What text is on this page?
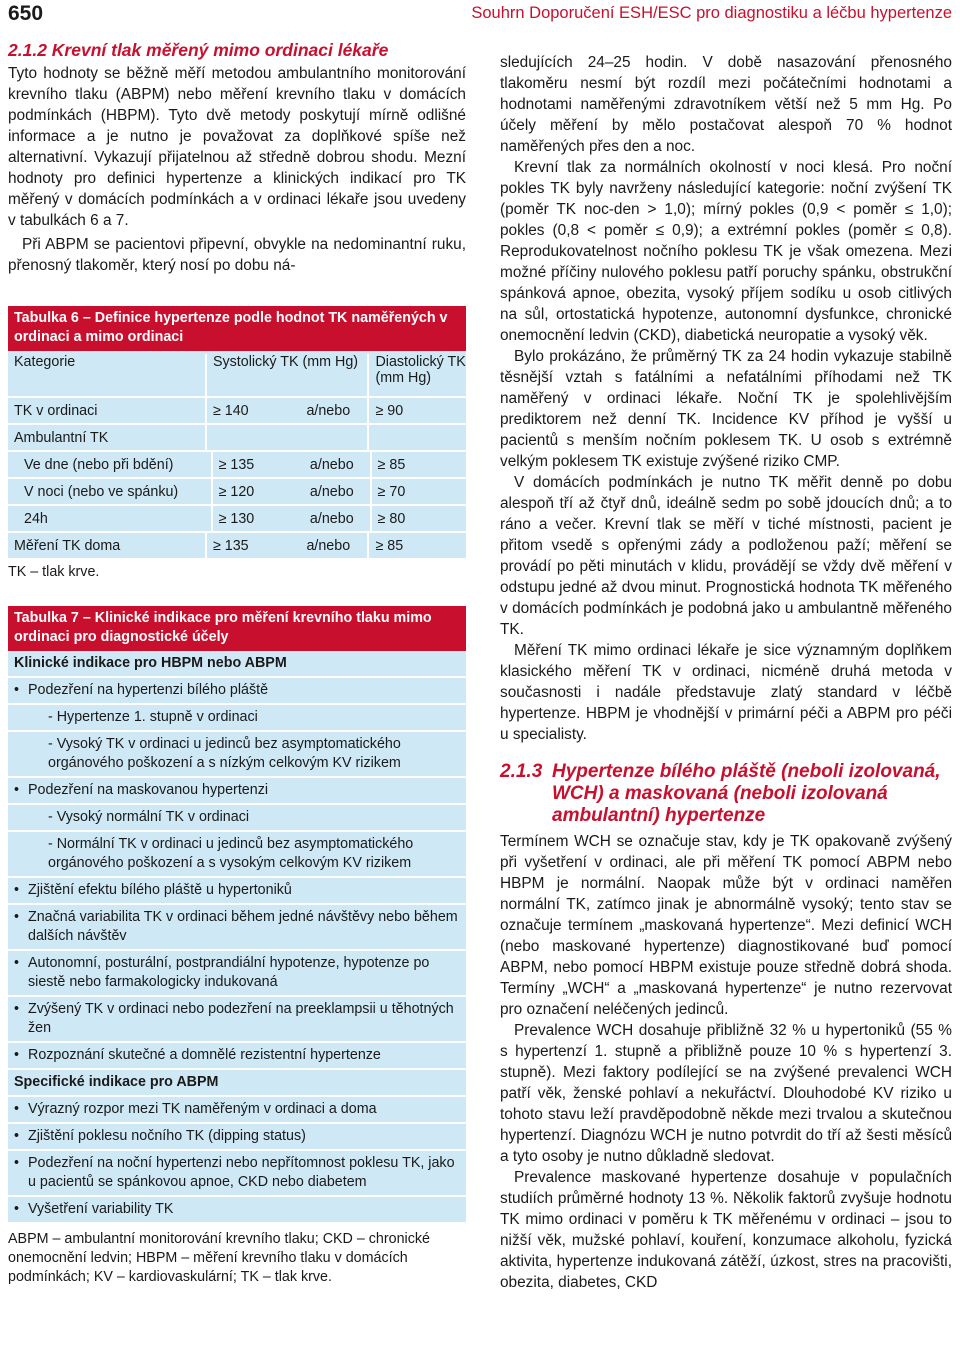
650	Souhrn Doporučení ESH/ESC pro diagnostiku a léčbu hypertenze
2.1.2 Krevní tlak měřený mimo ordinaci lékaře

Tyto hodnoty se běžně měří metodou ambulantního monitorování krevního tlaku (ABPM) nebo měření krevního tlaku v domácích podmínkách (HBPM). Tyto dvě metody poskytují mírně odlišné informace a je nutno je považovat za doplňkové spíše než alternativní. Vykazují přijatelnou až středně dobrou shodu. Mezní hodnoty pro definici hypertenze a klinických indikací pro TK měřený v domácích podmínkách a v ordinaci lékaře jsou uvedeny v tabulkách 6 a 7.

Při ABPM se pacientovi připevní, obvykle na nedominantní ruku, přenosný tlakoměr, který nosí po dobu ná-

Tabulka 6 – Definice hypertenze podle hodnot TK naměřených v ordinaci a mimo ordinaci
Kategorie	Systolický TK (mm Hg)	Diastolický TK (mm Hg)
TK v ordinaci	≥ 140	a/nebo	≥ 90
Ambulantní TK
Ve dne (nebo při bdění)	≥ 135	a/nebo	≥ 85
V noci (nebo ve spánku)	≥ 120	a/nebo	≥ 70
24h	≥ 130	a/nebo	≥ 80
Měření TK doma	≥ 135	a/nebo	≥ 85
TK – tlak krve.
Tabulka 7 – Klinické indikace pro měření krevního tlaku mimo ordinaci pro diagnostické účely
Klinické indikace pro HBPM nebo ABPM
• Podezření na hypertenzi bílého pláště
- Hypertenze 1. stupně v ordinaci
- Vysoký TK v ordinaci u jedinců bez asymptomatického orgánového poškození a s nízkým celkovým KV rizikem
• Podezření na maskovanou hypertenzi
- Vysoký normální TK v ordinaci
- Normální TK v ordinaci u jedinců bez asymptomatického orgánového poškození a s vysokým celkovým KV rizikem
• Zjištění efektu bílého pláště u hypertoniků
• Značná variabilita TK v ordinaci během jedné návštěvy nebo během dalších návštěv
• Autonomní, posturální, postprandiální hypotenze, hypotenze po siestě nebo farmakologicky indukovaná
• Zvýšený TK v ordinaci nebo podezření na preeklampsii u těhotných žen
• Rozpoznání skutečné a domnělé rezistentní hypertenze
Specifické indikace pro ABPM
• Výrazný rozpor mezi TK naměřeným v ordinaci a doma
• Zjištění poklesu nočního TK (dipping status)
• Podezření na noční hypertenzi nebo nepřítomnost poklesu TK, jako u pacientů se spánkovou apnoe, CKD nebo diabetem
• Vyšetření variability TK
ABPM – ambulantní monitorování krevního tlaku; CKD – chronické onemocnění ledvin; HBPM – měření krevního tlaku v domácích podmínkách; KV – kardiovaskulární; TK – tlak krve.

sledujících 24–25 hodin. V době nasazování přenosného tlakoměru nesmí být rozdíl mezi počátečními hodnotami a hodnotami naměřenými zdravotníkem větší než 5 mm Hg. Po účely měření by mělo postačovat alespoň 70 % hodnot naměřených přes den a noc.

Krevní tlak za normálních okolností v noci klesá. Pro noční pokles TK byly navrženy následující kategorie: noční zvýšení TK (poměr TK noc-den > 1,0); mírný pokles (0,9 < poměr ≤ 1,0); pokles (0,8 < poměr ≤ 0,9); a extrémní pokles (poměr ≤ 0,8). Reprodukovatelnost nočního poklesu TK je však omezena. Mezi možné příčiny nulového poklesu patří poruchy spánku, obstrukční spánková apnoe, obezita, vysoký příjem sodíku u osob citlivých na sůl, ortostatická hypotenze, autonomní dysfunkce, chronické onemocnění ledvin (CKD), diabetická neuropatie a vysoký věk.

Bylo prokázáno, že průměrný TK za 24 hodin vykazuje stabilně těsnější vztah s fatálními a nefatálními příhodami než TK naměřený v ordinaci lékaře. Noční TK je spolehlivějším prediktorem než denní TK. Incidence KV příhod je vyšší u pacientů s menším nočním poklesem TK. U osob s extrémně velkým poklesem TK existuje zvýšené riziko CMP.

V domácích podmínkách je nutno TK měřit denně po dobu alespoň tří až čtyř dnů, ideálně sedm po sobě jdoucích dnů; a to ráno a večer. Krevní tlak se měří v tiché místnosti, pacient je přitom vsedě s opřenými zády a podloženou paží; měření se provádí po pěti minutách v klidu, provádějí se vždy dvě měření v odstupu jedné až dvou minut. Prognostická hodnota TK měřeného v domácích podmínkách je podobná jako u ambulantně měřeného TK.

Měření TK mimo ordinaci lékaře je sice významným doplňkem klasického měření TK v ordinaci, nicméně druhá metoda v současnosti i nadále představuje zlatý standard v léčbě hypertenze. HBPM je vhodnější v primární péči a ABPM pro péči u specialisty.

2.1.3 Hypertenze bílého pláště (neboli izolovaná, WCH) a maskovaná (neboli izolovaná ambulantní) hypertenze

Termínem WCH se označuje stav, kdy je TK opakovaně zvýšený při vyšetření v ordinaci, ale při měření TK pomocí ABPM nebo HBPM je normální. Naopak může být v ordinaci naměřen normální TK, zatímco jinak je abnormálně vysoký; tento stav se označuje termínem „maskovaná hypertenze“. Mezi definicí WCH (nebo maskované hypertenze) diagnostikované buď pomocí ABPM, nebo pomocí HBPM existuje pouze středně dobrá shoda. Termíny „WCH“ a „maskovaná hypertenze“ je nutno rezervovat pro označení neléčených jedinců.

Prevalence WCH dosahuje přibližně 32 % u hypertoniků (55 % s hypertenzí 1. stupně a přibližně pouze 10 % s hypertenzí 3. stupně). Mezi faktory podílející se na zvýšené prevalenci WCH patří věk, ženské pohlaví a nekuřáctví. Dlouhodobé KV riziko u tohoto stavu leží pravděpodobně někde mezi trvalou a skutečnou hypertenzí. Diagnózu WCH je nutno potvrdit do tří až šesti měsíců a tyto osoby je nutno důkladně sledovat.

Prevalence maskované hypertenze dosahuje v populačních studiích průměrné hodnoty 13 %. Několik faktorů zvyšuje hodnotu TK mimo ordinaci v poměru k TK měřenému v ordinaci – jsou to nižší věk, mužské pohlaví, kouření, konzumace alkoholu, fyzická aktivita, hypertenze indukovaná zátěží, úzkost, stres na pracovišti, obezita, diabetes, CKD
